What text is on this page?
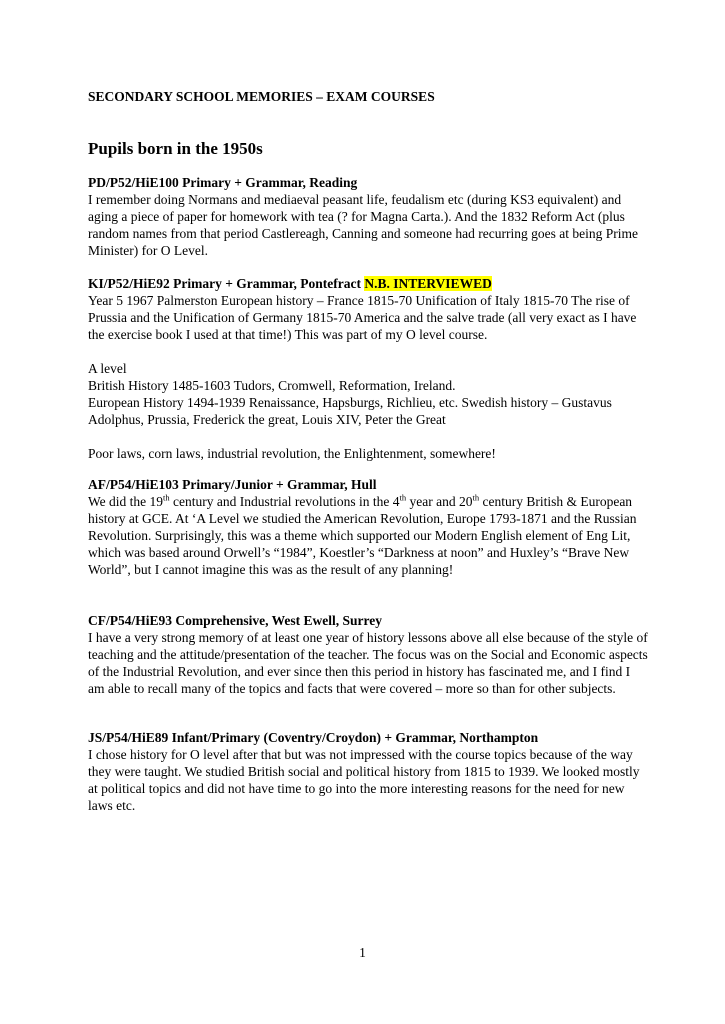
SECONDARY SCHOOL MEMORIES – EXAM COURSES
Pupils born in the 1950s
PD/P52/HiE100 Primary + Grammar, Reading

I remember doing Normans and mediaeval peasant life, feudalism etc (during KS3 equivalent) and aging a piece of paper for homework with tea (? for Magna Carta.). And the 1832 Reform Act (plus random names from that period Castlereagh, Canning and someone had recurring goes at being Prime Minister) for O Level.

KI/P52/HiE92 Primary + Grammar, Pontefract N.B. INTERVIEWED

Year 5 1967 Palmerston European history – France 1815-70 Unification of Italy 1815-70 The rise of Prussia and the Unification of Germany 1815-70 America and the salve trade (all very exact as I have the exercise book I used at that time!) This was part of my O level course.

A level

British History 1485-1603 Tudors, Cromwell, Reformation, Ireland.

European History 1494-1939 Renaissance, Hapsburgs, Richlieu, etc. Swedish history – Gustavus Adolphus, Prussia, Frederick the great, Louis XIV, Peter the Great

Poor laws, corn laws, industrial revolution, the Enlightenment, somewhere!

AF/P54/HiE103 Primary/Junior + Grammar, Hull

We did the 19th century and Industrial revolutions in the 4th year and 20th century British & European history at GCE. At ‘A Level we studied the American Revolution, Europe 1793-1871 and the Russian Revolution. Surprisingly, this was a theme which supported our Modern English element of Eng Lit, which was based around Orwell’s “1984”, Koestler’s “Darkness at noon” and Huxley’s “Brave New World”, but I cannot imagine this was as the result of any planning!

CF/P54/HiE93 Comprehensive, West Ewell, Surrey

I have a very strong memory of at least one year of history lessons above all else because of the style of teaching and the attitude/presentation of the teacher. The focus was on the Social and Economic aspects of the Industrial Revolution, and ever since then this period in history has fascinated me, and I find I am able to recall many of the topics and facts that were covered – more so than for other subjects.

JS/P54/HiE89 Infant/Primary (Coventry/Croydon) + Grammar, Northampton

I chose history for O level after that but was not impressed with the course topics because of the way they were taught. We studied British social and political history from 1815 to 1939. We looked mostly at political topics and did not have time to go into the more interesting reasons for the need for new laws etc.

1
